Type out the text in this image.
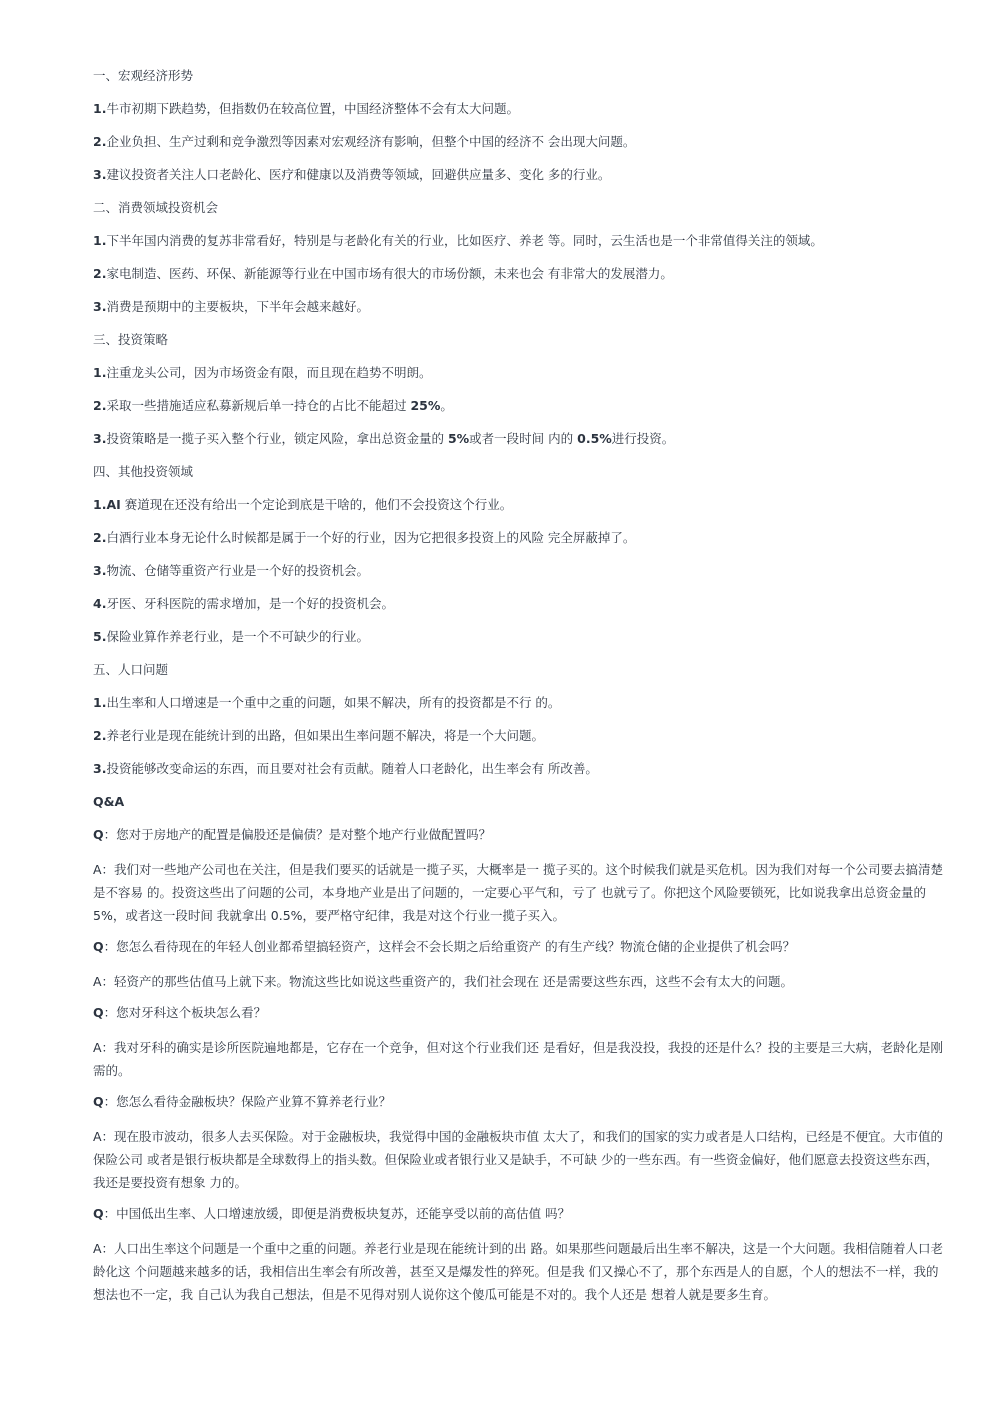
一、宏观经济形势
1.牛市初期下跌趋势，但指数仍在较高位置，中国经济整体不会有太大问题。
2.企业负担、生产过剩和竞争激烈等因素对宏观经济有影响，但整个中国的经济不 会出现大问题。
3.建议投资者关注人口老龄化、医疗和健康以及消费等领域，回避供应量多、变化 多的行业。
二、消费领域投资机会
1.下半年国内消费的复苏非常看好，特别是与老龄化有关的行业，比如医疗、养老 等。同时，云生活也是一个非常值得关注的领域。
2.家电制造、医药、环保、新能源等行业在中国市场有很大的市场份额，未来也会 有非常大的发展潜力。
3.消费是预期中的主要板块，下半年会越来越好。
三、投资策略
1.注重龙头公司，因为市场资金有限，而且现在趋势不明朗。
2.采取一些措施适应私募新规后单一持仓的占比不能超过 25%。
3.投资策略是一揽子买入整个行业，锁定风险，拿出总资金量的 5%或者一段时间 内的 0.5%进行投资。
四、其他投资领域
1.AI 赛道现在还没有给出一个定论到底是干啥的，他们不会投资这个行业。
2.白酒行业本身无论什么时候都是属于一个好的行业，因为它把很多投资上的风险 完全屏蔽掉了。
3.物流、仓储等重资产行业是一个好的投资机会。
4.牙医、牙科医院的需求增加，是一个好的投资机会。
5.保险业算作养老行业，是一个不可缺少的行业。
五、人口问题
1.出生率和人口增速是一个重中之重的问题，如果不解决，所有的投资都是不行 的。
2.养老行业是现在能统计到的出路，但如果出生率问题不解决，将是一个大问题。
3.投资能够改变命运的东西，而且要对社会有贡献。随着人口老龄化，出生率会有 所改善。
Q&A
Q：您对于房地产的配置是偏股还是偏债？是对整个地产行业做配置吗？
A：我们对一些地产公司也在关注，但是我们要买的话就是一揽子买，大概率是一 揽子买的。这个时候我们就是买危机。因为我们对每一个公司要去搞清楚是不容易 的。投资这些出了问题的公司，本身地产业是出了问题的，一定要心平气和，亏了 也就亏了。你把这个风险要锁死，比如说我拿出总资金量的 5%，或者这一段时间 我就拿出 0.5%，要严格守纪律，我是对这个行业一揽子买入。
Q：您怎么看待现在的年轻人创业都希望搞轻资产，这样会不会长期之后给重资产 的有生产线？物流仓储的企业提供了机会吗？
A：轻资产的那些估值马上就下来。物流这些比如说这些重资产的，我们社会现在 还是需要这些东西，这些不会有太大的问题。
Q：您对牙科这个板块怎么看？
A：我对牙科的确实是诊所医院遍地都是，它存在一个竞争，但对这个行业我们还 是看好，但是我没投，我投的还是什么？投的主要是三大病，老龄化是刚需的。
Q：您怎么看待金融板块？保险产业算不算养老行业？
A：现在股市波动，很多人去买保险。对于金融板块，我觉得中国的金融板块市值 太大了，和我们的国家的实力或者是人口结构，已经是不便宜。大市值的保险公司 或者是银行板块都是全球数得上的指头数。但保险业或者银行业又是缺手，不可缺 少的一些东西。有一些资金偏好，他们愿意去投资这些东西，我还是要投资有想象 力的。
Q：中国低出生率、人口增速放缓，即便是消费板块复苏，还能享受以前的高估值 吗？
A：人口出生率这个问题是一个重中之重的问题。养老行业是现在能统计到的出 路。如果那些问题最后出生率不解决，这是一个大问题。我相信随着人口老龄化这 个问题越来越多的话，我相信出生率会有所改善，甚至又是爆发性的猝死。但是我 们又操心不了，那个东西是人的自愿，个人的想法不一样，我的想法也不一定，我 自己认为我自己想法，但是不见得对别人说你这个傻瓜可能是不对的。我个人还是 想着人就是要多生育。
